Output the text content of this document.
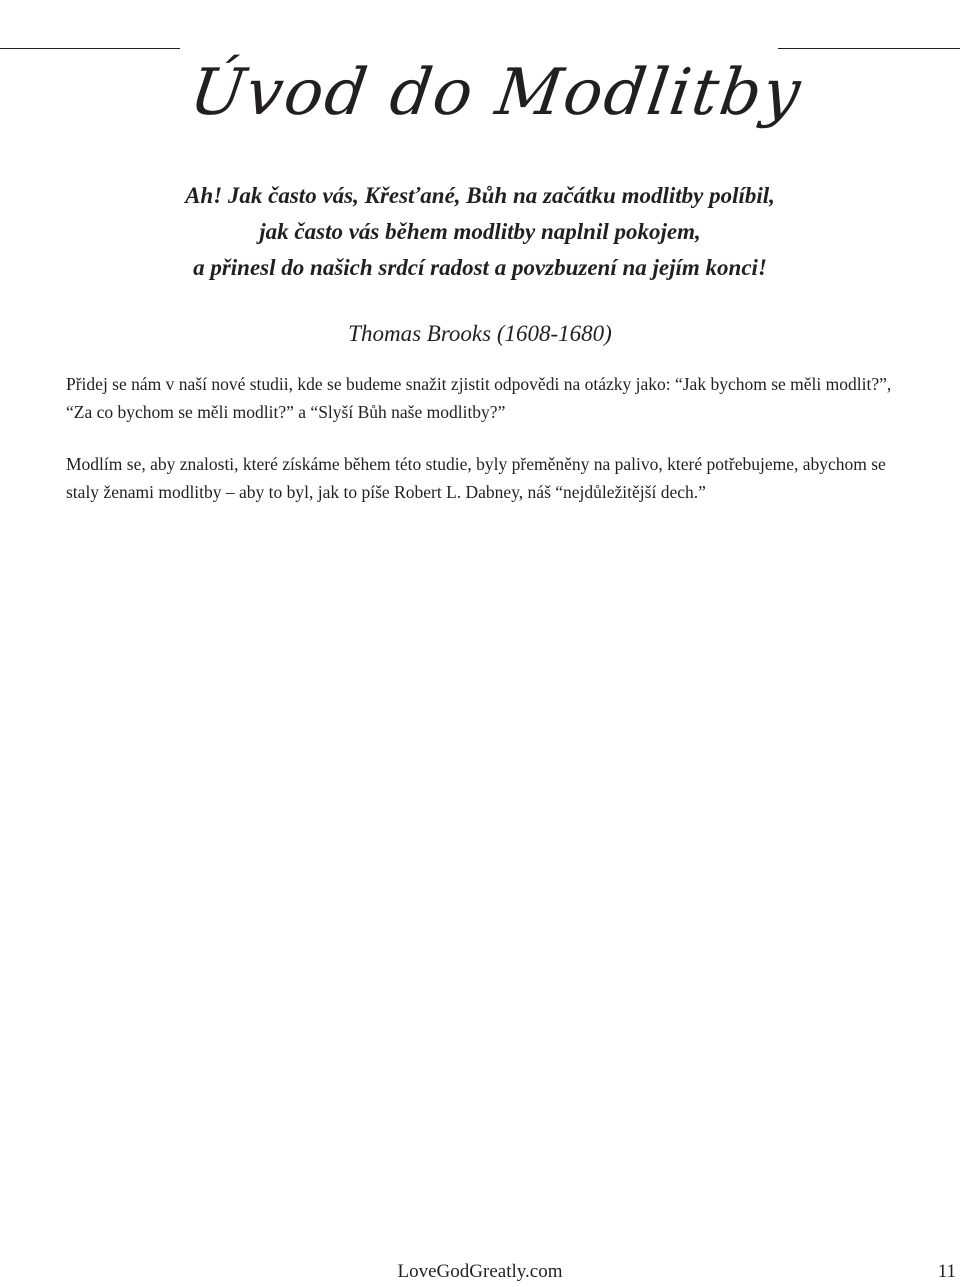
Úvod do Modlitby
Ah! Jak často vás, Křesťané, Bůh na začátku modlitby políbil,
jak často vás během modlitby naplnil pokojem,
a přinesl do našich srdcí radost a povzbuzení na jejím konci!

Thomas Brooks (1608-1680)

Přidej se nám v naší nové studii, kde se budeme snažit zjistit odpovědi na otázky jako: “Jak bychom se měli modlit?”, “Za co bychom se měli modlit?” a “Slyší Bůh naše modlitby?”

Modlím se, aby znalosti, které získáme během této studie, byly přeměněny na palivo, které potřebujeme, abychom se staly ženami modlitby – aby to byl, jak to píše Robert L. Dabney, náš “nejdůležitější dech.”

LoveGodGreatly.com	11
